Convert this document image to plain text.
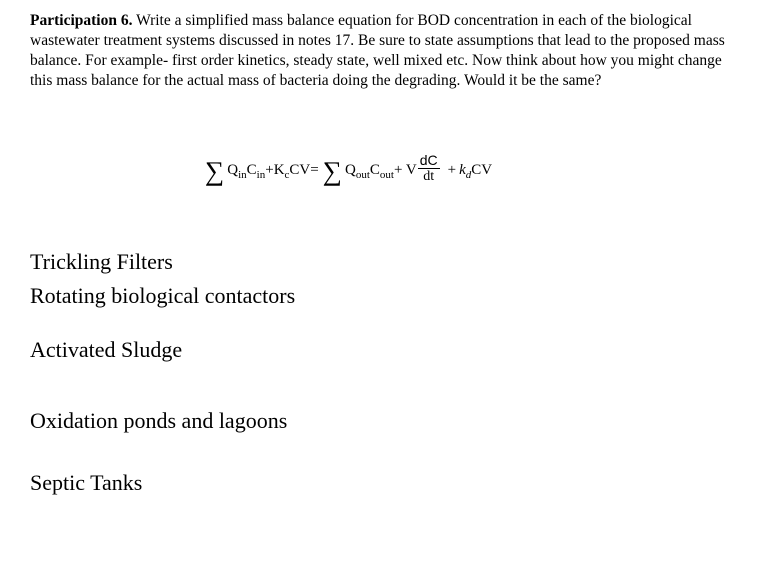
Participation 6. Write a simplified mass balance equation for BOD concentration in each of the biological wastewater treatment systems discussed in notes 17. Be sure to state assumptions that lead to the proposed mass balance. For example- first order kinetics, steady state, well mixed etc. Now think about how you might change this mass balance for the actual mass of bacteria doing the degrading. Would it be the same?
∑ $Q_{in}$ $C_{in} +K_cCV=$ ∑ $Q_{out}$ $C_{out} + V \frac{dC}{dt} + k_d$ CV
Trickling Filters
Rotating biological contactors
Activated Sludge
Oxidation ponds and lagoons
Septic Tanks
